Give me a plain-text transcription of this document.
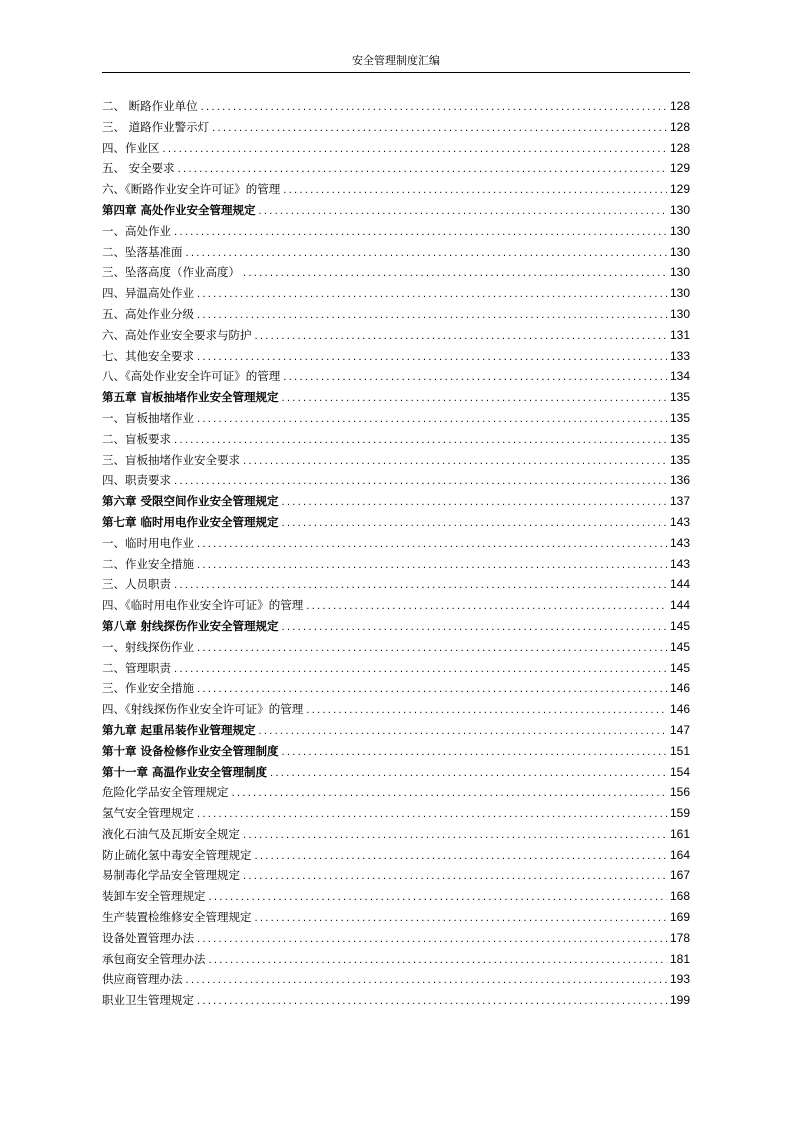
安全管理制度汇编
二、 断路作业单位 .....	128
三、 道路作业警示灯 .....	128
四、作业区 .....	128
五、 安全要求 .....	129
六、《断路作业安全许可证》的管理 .....	129
第四章 高处作业安全管理规定 .....	130
一、高处作业 .....	130
二、坠落基准面 .....	130
三、坠落高度（作业高度） .....	130
四、异温高处作业 .....	130
五、高处作业分级 .....	130
六、高处作业安全要求与防护 .....	131
七、其他安全要求 .....	133
八、《高处作业安全许可证》的管理 .....	134
第五章 盲板抽堵作业安全管理规定 .....	135
一、盲板抽堵作业 .....	135
二、盲板要求 .....	135
三、盲板抽堵作业安全要求 .....	135
四、职责要求 .....	136
第六章 受限空间作业安全管理规定 .....	137
第七章 临时用电作业安全管理规定 .....	143
一、临时用电作业 .....	143
二、作业安全措施 .....	143
三、人员职责 .....	144
四、《临时用电作业安全许可证》的管理 .....	144
第八章 射线探伤作业安全管理规定 .....	145
一、射线探伤作业 .....	145
二、管理职责 .....	145
三、作业安全措施 .....	146
四、《射线探伤作业安全许可证》的管理 .....	146
第九章 起重吊装作业管理规定 .....	147
第十章 设备检修作业安全管理制度 .....	151
第十一章 高温作业安全管理制度 .....	154
危险化学品安全管理规定 .....	156
氢气安全管理规定 .....	159
液化石油气及瓦斯安全规定 .....	161
防止硫化氢中毒安全管理规定 .....	164
易制毒化学品安全管理规定 .....	167
装卸车安全管理规定 .....	168
生产装置检维修安全管理规定 .....	169
设备处置管理办法 .....	178
承包商安全管理办法 .....	181
供应商管理办法 .....	193
职业卫生管理规定 .....	199
